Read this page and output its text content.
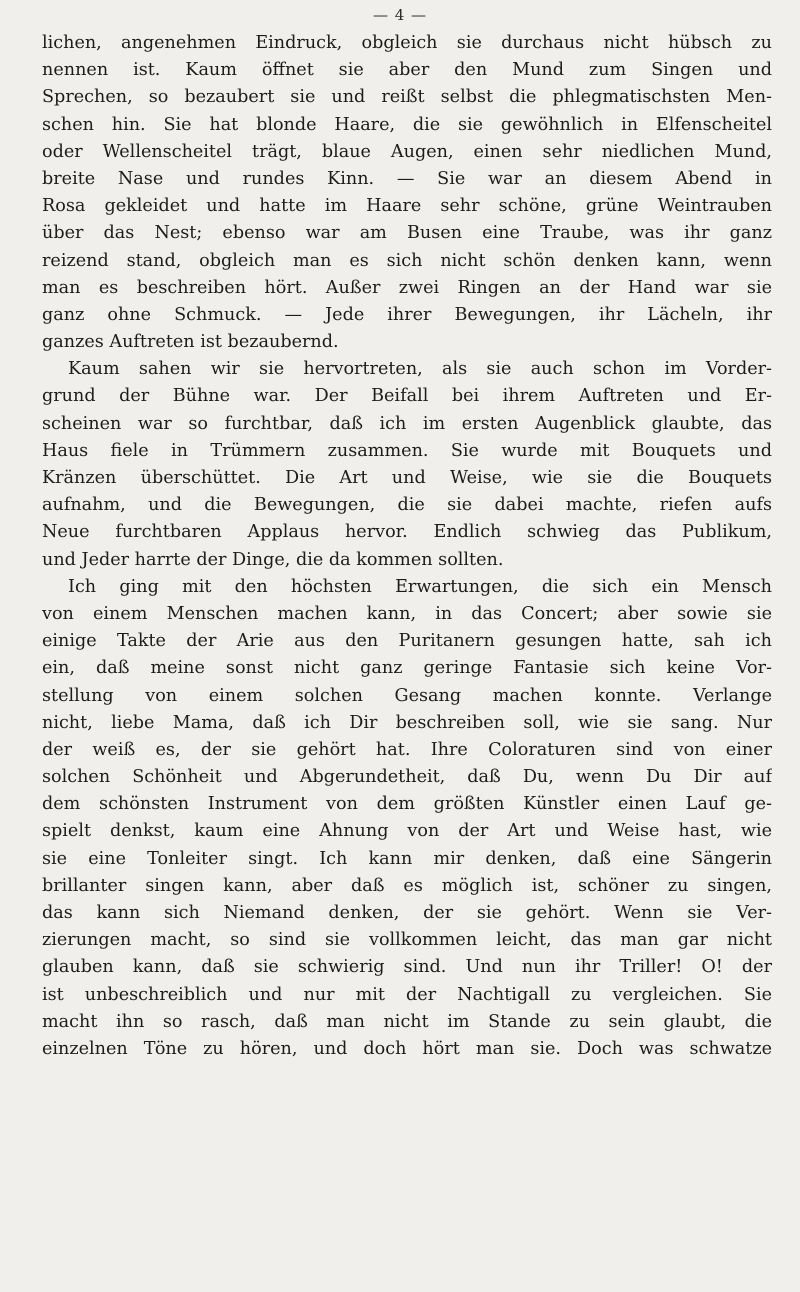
— 4 —
lichen, angenehmen Eindruck, obgleich sie durchaus nicht hübsch zu
nennen ist. Kaum öffnet sie aber den Mund zum Singen und
Sprechen, so bezaubert sie und reißt selbst die phlegmatischsten Men-
schen hin. Sie hat blonde Haare, die sie gewöhnlich in Elfenscheitel
oder Wellenscheitel trägt, blaue Augen, einen sehr niedlichen Mund,
breite Nase und rundes Kinn. — Sie war an diesem Abend in
Rosa gekleidet und hatte im Haare sehr schöne, grüne Weintrauben
über das Nest; ebenso war am Busen eine Traube, was ihr ganz
reizend stand, obgleich man es sich nicht schön denken kann, wenn
man es beschreiben hört. Außer zwei Ringen an der Hand war sie
ganz ohne Schmuck. — Jede ihrer Bewegungen, ihr Lächeln, ihr
ganzes Auftreten ist bezaubernd.
Kaum sahen wir sie hervortreten, als sie auch schon im Vorder-
grund der Bühne war. Der Beifall bei ihrem Auftreten und Er-
scheinen war so furchtbar, daß ich im ersten Augenblick glaubte, das
Haus fiele in Trümmern zusammen. Sie wurde mit Bouquets und
Kränzen überschüttet. Die Art und Weise, wie sie die Bouquets
aufnahm, und die Bewegungen, die sie dabei machte, riefen aufs
Neue furchtbaren Applaus hervor. Endlich schwieg das Publikum,
und Jeder harrte der Dinge, die da kommen sollten.
Ich ging mit den höchsten Erwartungen, die sich ein Mensch
von einem Menschen machen kann, in das Concert; aber sowie sie
einige Takte der Arie aus den Puritanern gesungen hatte, sah ich
ein, daß meine sonst nicht ganz geringe Fantasie sich keine Vor-
stellung von einem solchen Gesang machen konnte. Verlange
nicht, liebe Mama, daß ich Dir beschreiben soll, wie sie sang. Nur
der weiß es, der sie gehört hat. Ihre Coloraturen sind von einer
solchen Schönheit und Abgerundetheit, daß Du, wenn Du Dir auf
dem schönsten Instrument von dem größten Künstler einen Lauf ge-
spielt denkst, kaum eine Ahnung von der Art und Weise hast, wie
sie eine Tonleiter singt. Ich kann mir denken, daß eine Sängerin
brillanter singen kann, aber daß es möglich ist, schöner zu singen,
das kann sich Niemand denken, der sie gehört. Wenn sie Ver-
zierungen macht, so sind sie vollkommen leicht, das man gar nicht
glauben kann, daß sie schwierig sind. Und nun ihr Triller! O! der
ist unbeschreiblich und nur mit der Nachtigall zu vergleichen. Sie
macht ihn so rasch, daß man nicht im Stande zu sein glaubt, die
einzelnen Töne zu hören, und doch hört man sie. Doch was schwatze
